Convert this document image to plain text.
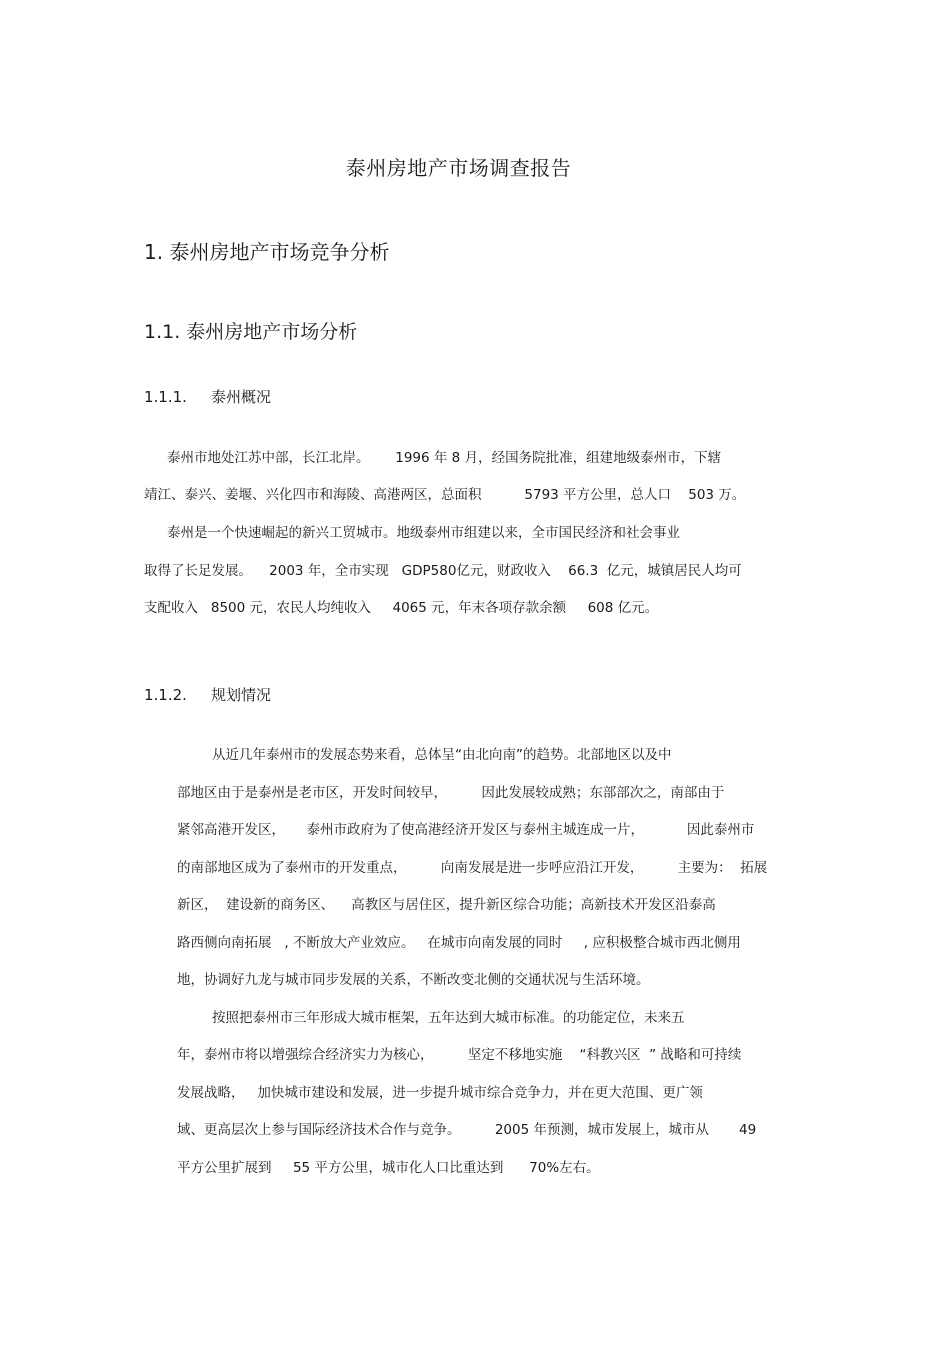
泰州房地产市场调查报告
1. 泰州房地产市场竞争分析
1.1. 泰州房地产市场分析
1.1.1. 泰州概况
泰州市地处江苏中部，长江北岸。      1996 年 8 月，经国务院批准，组建地级泰州市，下辖
靖江、泰兴、姜堰、兴化四市和海陵、高港两区，总面积          5793 平方公里，总人口    503 万。
泰州是一个快速崛起的新兴工贸城市。地级泰州市组建以来，全市国民经济和社会事业
取得了长足发展。    2003 年，全市实现   GDP580亿元，财政收入    66.3  亿元，城镇居民人均可
支配收入   8500 元，农民人均纯收入     4065 元，年末各项存款余额     608 亿元。
1.1.2. 规划情况
从近几年泰州市的发展态势来看，总体呈“由北向南”的趋势。北部地区以及中
部地区由于是泰州是老市区，开发时间较早，        因此发展较成熟；东部部次之，南部由于
紧邻高港开发区，     泰州市政府为了使高港经济开发区与泰州主城连成一片，          因此泰州市
的南部地区成为了泰州市的开发重点，        向南发展是进一步呼应沿江开发，        主要为：  拓展
新区，  建设新的商务区、    高教区与居住区，提升新区综合功能；高新技术开发区沿泰高
路西侧向南拓展   , 不断放大产业效应。   在城市向南发展的同时     , 应积极整合城市西北侧用
地，协调好九龙与城市同步发展的关系，不断改变北侧的交通状况与生活环境。
按照把泰州市三年形成大城市框架，五年达到大城市标准。的功能定位，未来五
年，泰州市将以增强综合经济实力为核心，        坚定不移地实施    “科教兴区  ” 战略和可持续
发展战略，   加快城市建设和发展，进一步提升城市综合竞争力，并在更大范围、更广领
域、更高层次上参与国际经济技术合作与竞争。        2005 年预测，城市发展上，城市从       49
平方公里扩展到     55 平方公里，城市化人口比重达到      70%左右。
